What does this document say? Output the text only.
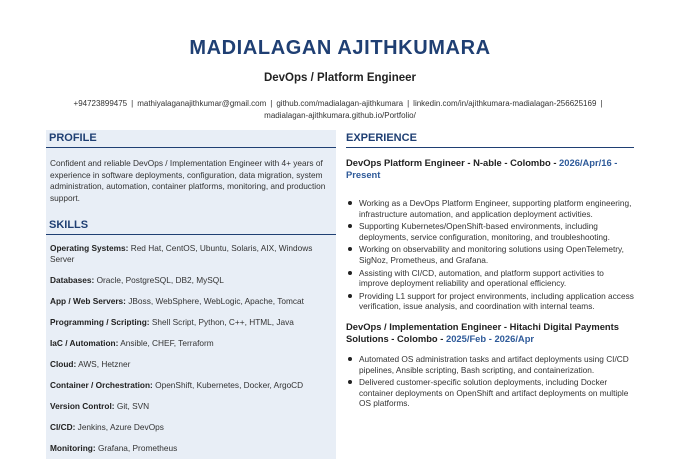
MADIALAGAN AJITHKUMARA
DevOps / Platform Engineer
+94723899475 | mathiyalaganajithkumar@gmail.com | github.com/madialagan-ajithkumara | linkedin.com/in/ajithkumara-madialagan-256625169 |
madialagan-ajithkumara.github.io/Portfolio/
PROFILE
Confident and reliable DevOps / Implementation Engineer with 4+ years of experience in software deployments, configuration, data migration, system administration, automation, container platforms, monitoring, and production support.
SKILLS
Operating Systems: Red Hat, CentOS, Ubuntu, Solaris, AIX, Windows Server
Databases: Oracle, PostgreSQL, DB2, MySQL
App / Web Servers: JBoss, WebSphere, WebLogic, Apache, Tomcat
Programming / Scripting: Shell Script, Python, C++, HTML, Java
IaC / Automation: Ansible, CHEF, Terraform
Cloud: AWS, Hetzner
Container / Orchestration: OpenShift, Kubernetes, Docker, ArgoCD
Version Control: Git, SVN
CI/CD: Jenkins, Azure DevOps
Monitoring: Grafana, Prometheus
EXPERIENCE
DevOps Platform Engineer - N-able - Colombo - 2026/Apr/16 - Present
Working as a DevOps Platform Engineer, supporting platform engineering, infrastructure automation, and application deployment activities.
Supporting Kubernetes/OpenShift-based environments, including deployments, service configuration, monitoring, and troubleshooting.
Working on observability and monitoring solutions using OpenTelemetry, SigNoz, Prometheus, and Grafana.
Assisting with CI/CD, automation, and platform support activities to improve deployment reliability and operational efficiency.
Providing L1 support for project environments, including application access verification, issue analysis, and coordination with internal teams.
DevOps / Implementation Engineer - Hitachi Digital Payments Solutions - Colombo - 2025/Feb - 2026/Apr
Automated OS administration tasks and artifact deployments using CI/CD pipelines, Ansible scripting, Bash scripting, and containerization.
Delivered customer-specific solution deployments, including Docker container deployments on OpenShift and artifact deployments on multiple OS platforms.
